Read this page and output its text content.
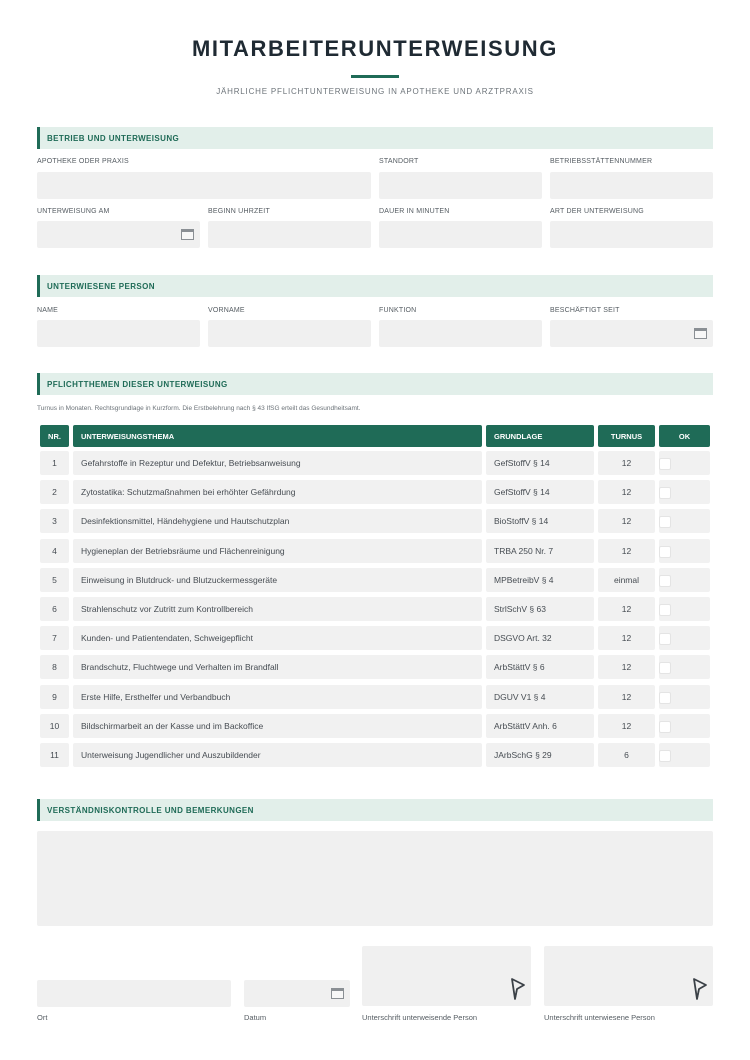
MITARBEITERUNTERWEISUNG
JÄHRLICHE PFLICHTUNTERWEISUNG IN APOTHEKE UND ARZTPRAXIS
BETRIEB UND UNTERWEISUNG
APOTHEKE ODER PRAXIS	STANDORT	BETRIEBSSTÄTTENNUMMER
UNTERWEISUNG AM	BEGINN UHRZEIT	DAUER IN MINUTEN	ART DER UNTERWEISUNG
UNTERWIESENE PERSON
NAME	VORNAME	FUNKTION	BESCHÄFTIGT SEIT
PFLICHTTHEMEN DIESER UNTERWEISUNG
Turnus in Monaten. Rechtsgrundlage in Kurzform. Die Erstbelehrung nach § 43 IfSG erteilt das Gesundheitsamt.
NR.	UNTERWEISUNGSTHEMA	GRUNDLAGE	TURNUS	OK
1	Gefahrstoffe in Rezeptur und Defektur, Betriebsanweisung	GefStoffV § 14	12
2	Zytostatika: Schutzmaßnahmen bei erhöhter Gefährdung	GefStoffV § 14	12
3	Desinfektionsmittel, Händehygiene und Hautschutzplan	BioStoffV § 14	12
4	Hygieneplan der Betriebsräume und Flächenreinigung	TRBA 250 Nr. 7	12
5	Einweisung in Blutdruck- und Blutzuckermessgeräte	MPBetreibV § 4	einmal
6	Strahlenschutz vor Zutritt zum Kontrollbereich	StrlSchV § 63	12
7	Kunden- und Patientendaten, Schweigepflicht	DSGVO Art. 32	12
8	Brandschutz, Fluchtwege und Verhalten im Brandfall	ArbStättV § 6	12
9	Erste Hilfe, Ersthelfer und Verbandbuch	DGUV V1 § 4	12
10	Bildschirmarbeit an der Kasse und im Backoffice	ArbStättV Anh. 6	12
11	Unterweisung Jugendlicher und Auszubildender	JArbSchG § 29	6
VERSTÄNDNISKONTROLLE UND BEMERKUNGEN
Ort	Datum	Unterschrift unterweisende Person	Unterschrift unterwiesene Person
